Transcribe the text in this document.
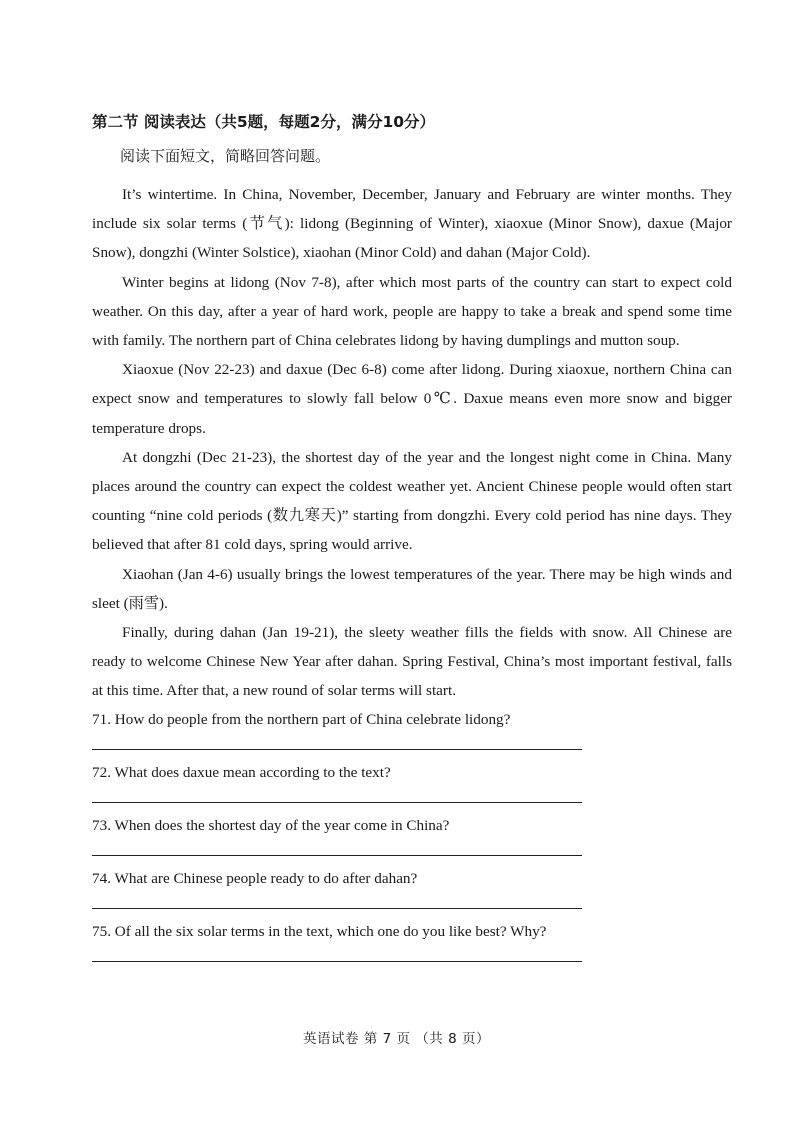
第二节 阅读表达（共5题，每题2分，满分10分）

阅读下面短文，简略回答问题。

It’s wintertime. In China, November, December, January and February are winter months. They include six solar terms (节气): lidong (Beginning of Winter), xiaoxue (Minor Snow), daxue (Major Snow), dongzhi (Winter Solstice), xiaohan (Minor Cold) and dahan (Major Cold).

Winter begins at lidong (Nov 7-8), after which most parts of the country can start to expect cold weather. On this day, after a year of hard work, people are happy to take a break and spend some time with family. The northern part of China celebrates lidong by having dumplings and mutton soup.

Xiaoxue (Nov 22-23) and daxue (Dec 6-8) come after lidong. During xiaoxue, northern China can expect snow and temperatures to slowly fall below 0℃. Daxue means even more snow and bigger temperature drops.

At dongzhi (Dec 21-23), the shortest day of the year and the longest night come in China. Many places around the country can expect the coldest weather yet. Ancient Chinese people would often start counting “nine cold periods (数九寒天)” starting from dongzhi. Every cold period has nine days. They believed that after 81 cold days, spring would arrive.

Xiaohan (Jan 4-6) usually brings the lowest temperatures of the year. There may be high winds and sleet (雨雪).

Finally, during dahan (Jan 19-21), the sleety weather fills the fields with snow. All Chinese are ready to welcome Chinese New Year after dahan. Spring Festival, China’s most important festival, falls at this time. After that, a new round of solar terms will start.

71. How do people from the northern part of China celebrate lidong?
72. What does daxue mean according to the text?
73. When does the shortest day of the year come in China?
74. What are Chinese people ready to do after dahan?
75. Of all the six solar terms in the text, which one do you like best? Why?
英语试卷 第 7 页 （共 8 页）
